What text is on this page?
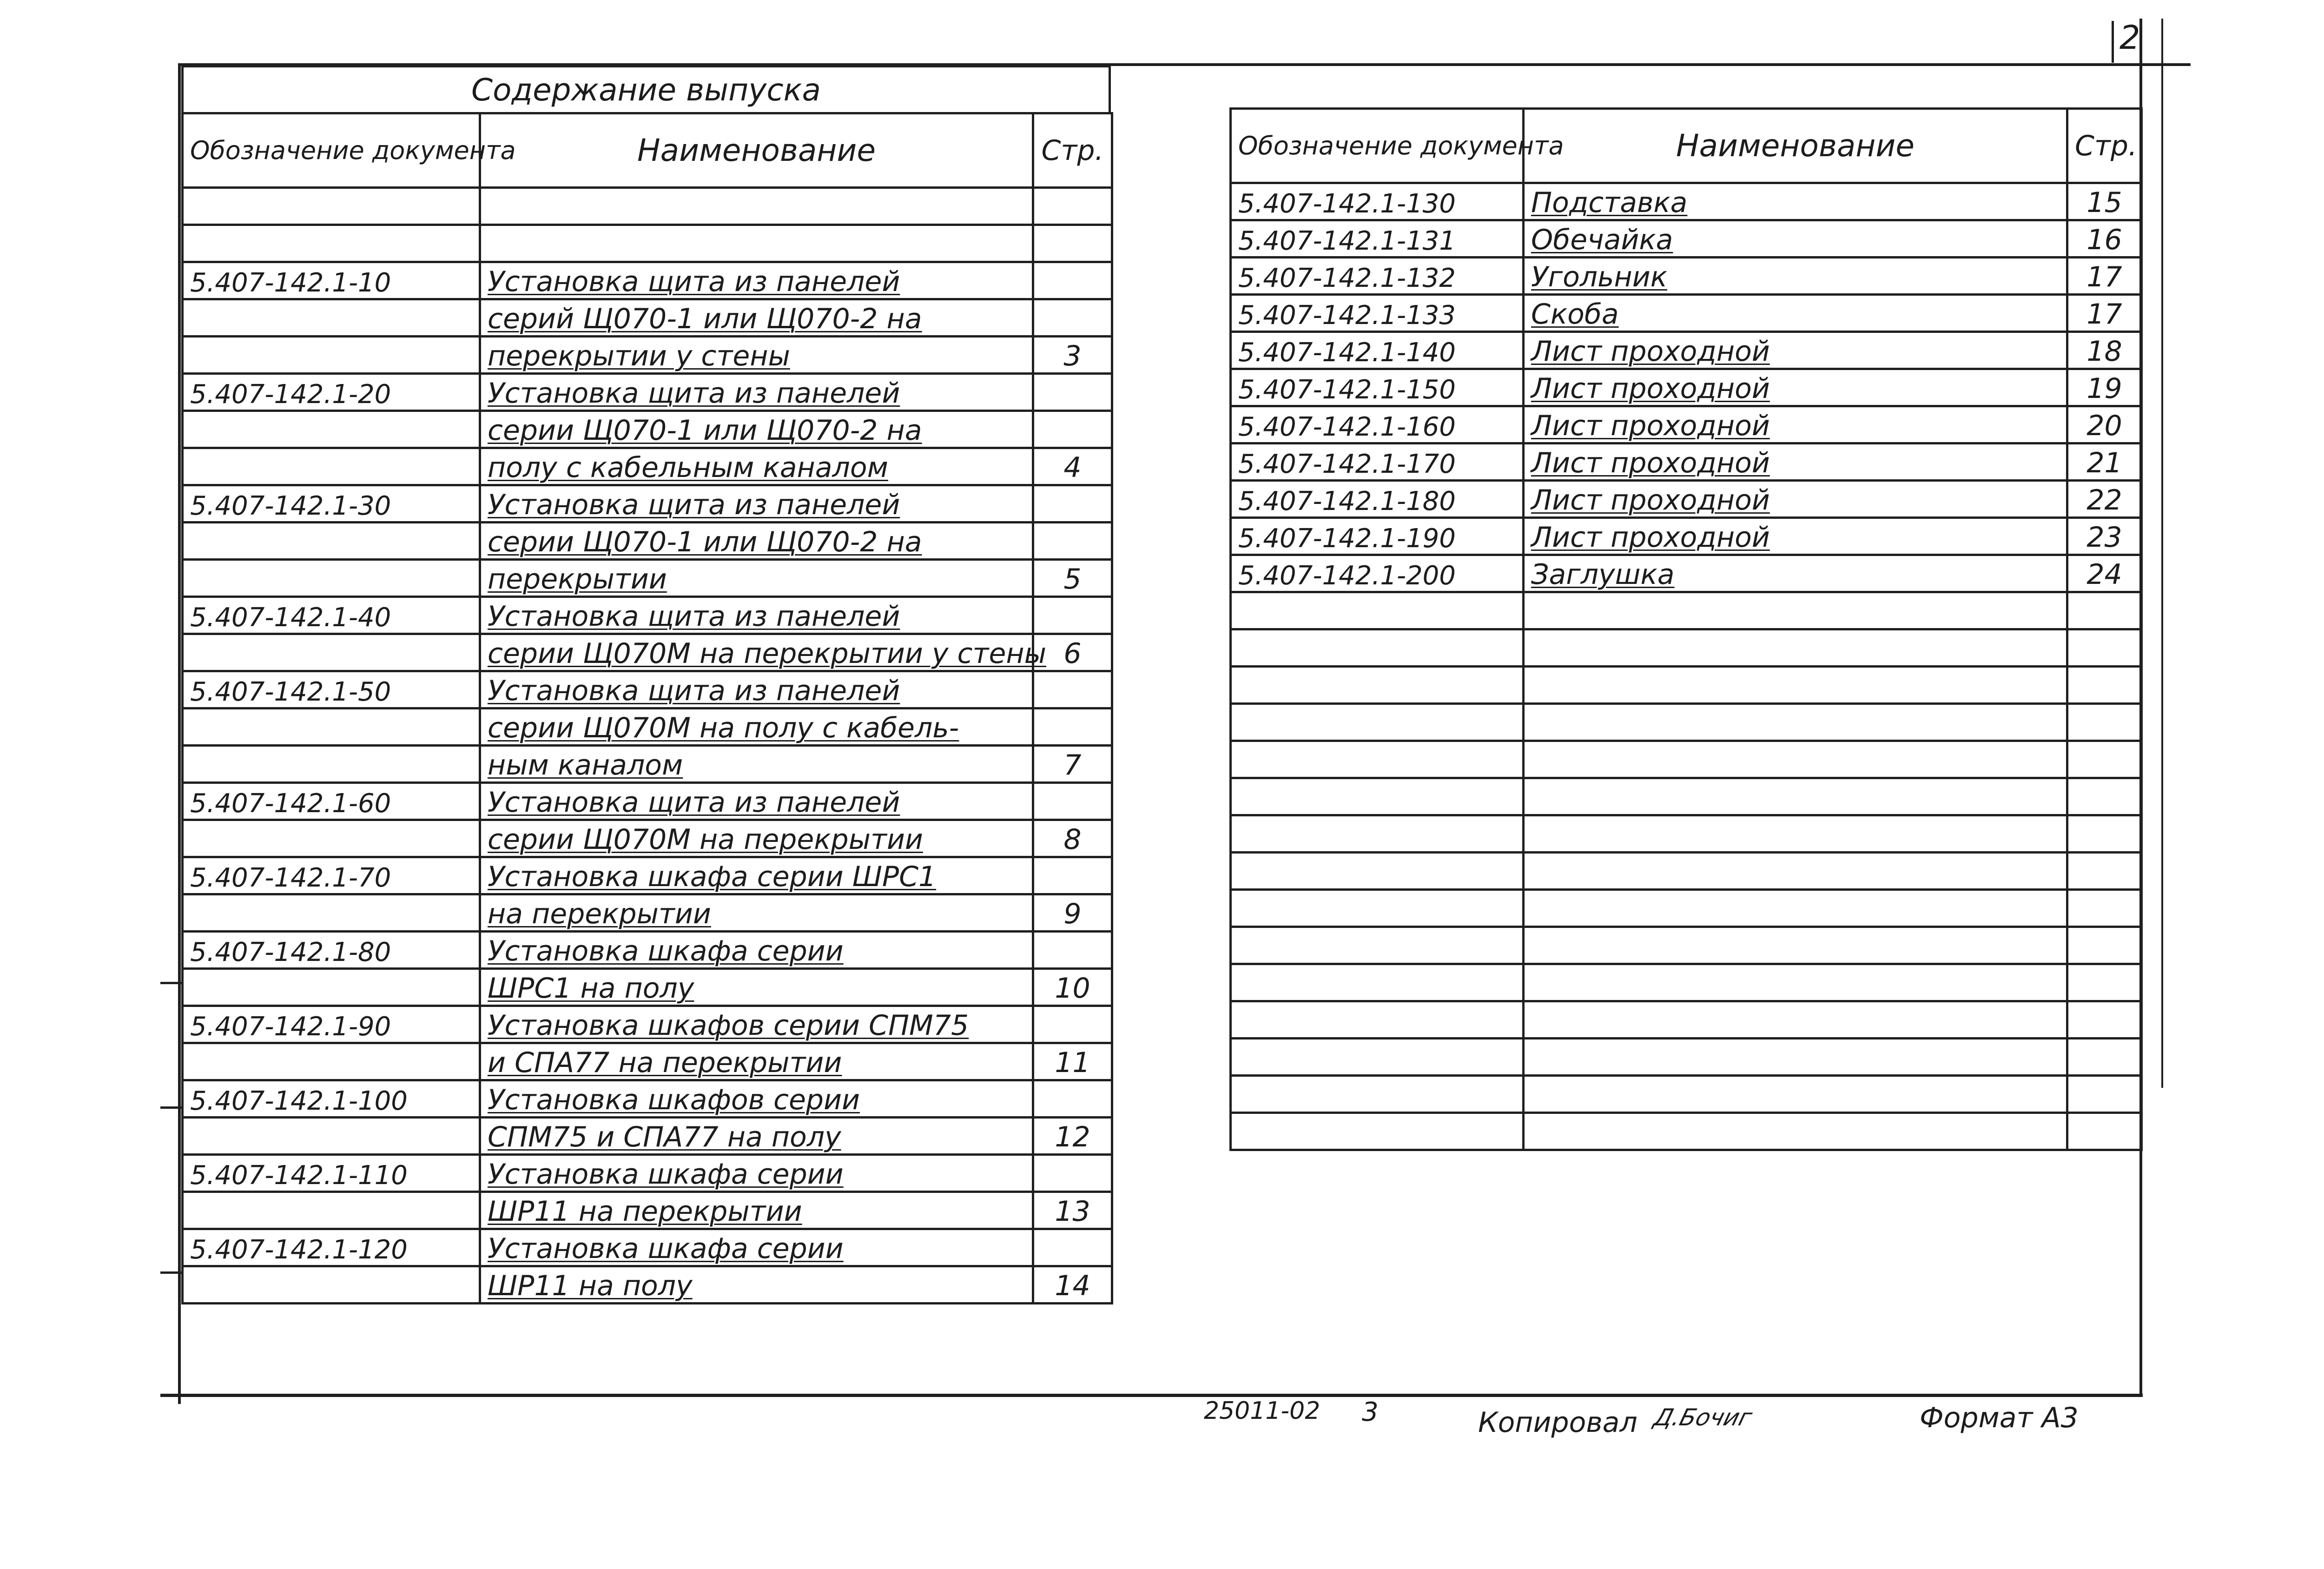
2
Содержание выпуска
Обозначение документа	Наименование	Стр.

5.407-142.1-10	Установка щита из панелей	
	серий Щ070-1 или Щ070-2 на	
	перекрытии у стены	3
5.407-142.1-20	Установка щита из панелей	
	серии Щ070-1 или Щ070-2 на	
	полу с кабельным каналом	4
5.407-142.1-30	Установка щита из панелей	
	серии Щ070-1 или Щ070-2 на	
	перекрытии	5
5.407-142.1-40	Установка щита из панелей	
	серии Щ070М на перекрытии у стены	6
5.407-142.1-50	Установка щита из панелей	
	серии Щ070М на полу с кабель-	
	ным каналом	7
5.407-142.1-60	Установка щита из панелей	
	серии Щ070М на перекрытии	8
5.407-142.1-70	Установка шкафа серии ШРС1	
	на перекрытии	9
5.407-142.1-80	Установка шкафа серии	
	ШРС1 на полу	10
5.407-142.1-90	Установка шкафов серии СПМ75	
	и СПА77 на перекрытии	11
5.407-142.1-100	Установка шкафов серии	
	СПМ75 и СПА77 на полу	12
5.407-142.1-110	Установка шкафа серии	
	ШР11 на перекрытии	13
5.407-142.1-120	Установка шкафа серии	
	ШР11 на полу	14
Обозначение документа	Наименование	Стр.
5.407-142.1-130	Подставка	15
5.407-142.1-131	Обечайка	16
5.407-142.1-132	Угольник	17
5.407-142.1-133	Скоба	17
5.407-142.1-140	Лист проходной	18
5.407-142.1-150	Лист проходной	19
5.407-142.1-160	Лист проходной	20
5.407-142.1-170	Лист проходной	21
5.407-142.1-180	Лист проходной	22
5.407-142.1-190	Лист проходной	23
5.407-142.1-200	Заглушка	24

25011-02 3	Копировал Д.Бочиг	Формат А3
